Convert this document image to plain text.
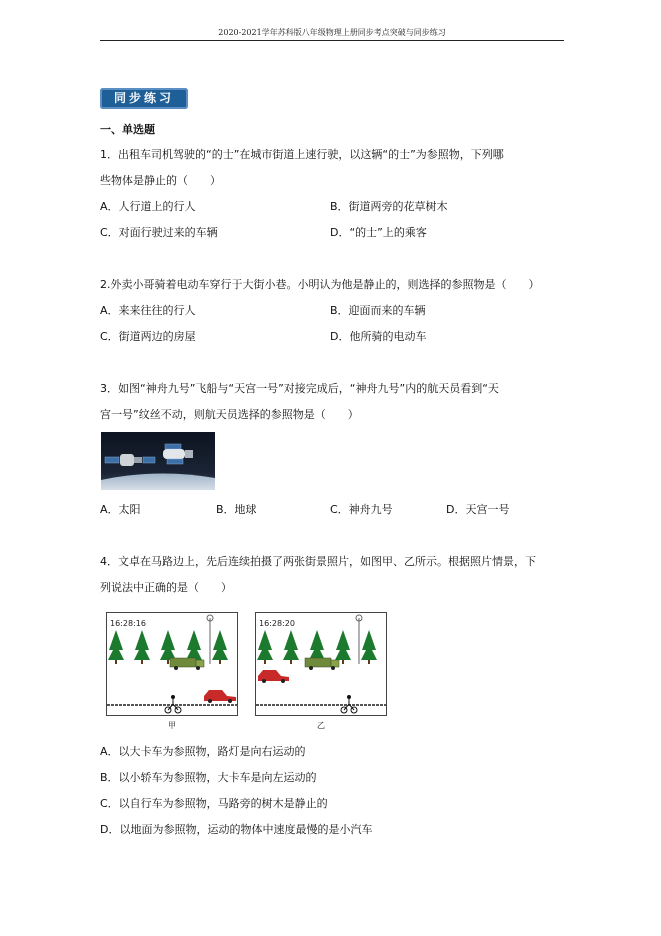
2020-2021学年苏科版八年级物理上册同步考点突破与同步练习
同步练习
一、单选题
1．出租车司机驾驶的“的士”在城市街道上速行驶，以这辆“的士”为参照物，下列哪
些物体是静止的（　　）
A．人行道上的行人	B．街道两旁的花草树木
C．对面行驶过来的车辆	D．“的士”上的乘客
2.外卖小哥骑着电动车穿行于大街小巷。小明认为他是静止的，则选择的参照物是（　　）
A．来来往往的行人	B．迎面而来的车辆
C．街道两边的房屋	D．他所骑的电动车
3．如图“神舟九号”飞船与“天宫一号”对接完成后，“神舟九号”内的航天员看到“天
宫一号”纹丝不动，则航天员选择的参照物是（　　）
A．太阳	B．地球	C．神舟九号	D．天宫一号
4．文卓在马路边上，先后连续拍摄了两张街景照片，如图甲、乙所示。根据照片情景，下
列说法中正确的是（　　）
16:28:16
甲
16:28:20
乙
A．以大卡车为参照物，路灯是向右运动的
B．以小轿车为参照物，大卡车是向左运动的
C．以自行车为参照物，马路旁的树木是静止的
D．以地面为参照物，运动的物体中速度最慢的是小汽车
